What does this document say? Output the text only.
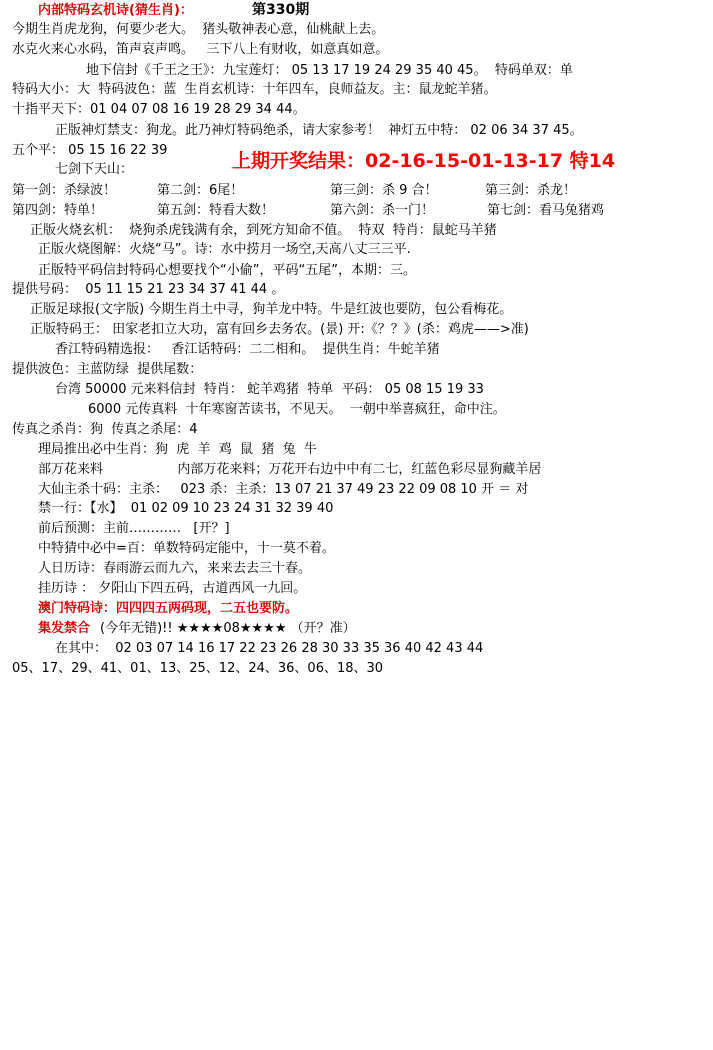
内部特码玄机诗(猜生肖)：	第330期
今期生肖虎龙狗，何要少老大。  猪头敬神表心意，仙桃献上去。
水克火来心水码，笛声哀声鸣。   三下八上有财收，如意真如意。
地下信封《千王之王》：九宝莲灯： 05 13 17 19 24 29 35 40 45。  特码单双：单
特码大小：大  特码波色：蓝  生肖玄机诗：十年四车，良师益友。主：鼠龙蛇羊猪。
十指平天下：01 04 07 08 16 19 28 29 34 44。
正版神灯禁支：狗龙。此乃神灯特码绝杀，请大家参考！  神灯五中特： 02 06 34 37 45。
五个平： 05 15 16 22 39
七剑下天山：	上期开奖结果：02-16-15-01-13-17 特14
第一剑：杀绿波！	第二剑：6尾！	第三剑：杀 9 合！	第三剑：杀龙！
第四剑：特单！	第五剑：特看大数！	第六剑：杀一门！	第七剑：看马兔猪鸡
正版火烧玄机：  烧狗杀虎钱满有余，到死方知命不值。  特双  特肖：鼠蛇马羊猪
正版火烧图解：火烧“马”。诗：水中捞月一场空,天高八丈三三平.
正版特平码信封特码心想要找个“小偷”，平码“五尾”，本期：三。
提供号码：  05 11 15 21 23 34 37 41 44 。
正版足球报(文字版) 今期生肖土中寻，狗羊龙中特。牛是红波也要防，包公看梅花。
正版特码王： 田家老扣立大功，富有回乡去务农。(景) 开:《？？》(杀：鸡虎——>准)
香江特码精选报：   香江话特码：二二相和。  提供生肖：牛蛇羊猪
提供波色：主蓝防绿  提供尾数：
台湾 50000 元来料信封  特肖： 蛇羊鸡猪  特单  平码： 05 08 15 19 33
6000 元传真料  十年寒窗苦读书，不见天。  一朝中举喜疯狂，命中注。
传真之杀肖：狗  传真之杀尾：4
理局推出必中生肖：狗  虎  羊  鸡  鼠  猪  兔  牛
部万花来料                  内部万花来料；万花开右边中中有二七，红蓝色彩尽显狗藏羊居
大仙主杀十码：主杀：   023 杀：主杀：13 07 21 37 49 23 22 09 08 10 开 ＝ 对
禁一行：【水】  01 02 09 10 23 24 31 32 39 40
前后预测：主前…………   [开？]
中特猜中必中=百：单数特码定能中，十一莫不着。
人日历诗：春雨游云而九六，来来去去三十春。
挂历诗 ： 夕阳山下四五码，古道西风一九回。
澳门特码诗：四四四五两码现，二五也要防。
集发禁合 (今年无错)!! ★★★★08★★★★ （开？准）
在其中：  02 03 07 14 16 17 22 23 26 28 30 33 35 36 40 42 43 44
05、17、29、41、01、13、25、12、24、36、06、18、30
